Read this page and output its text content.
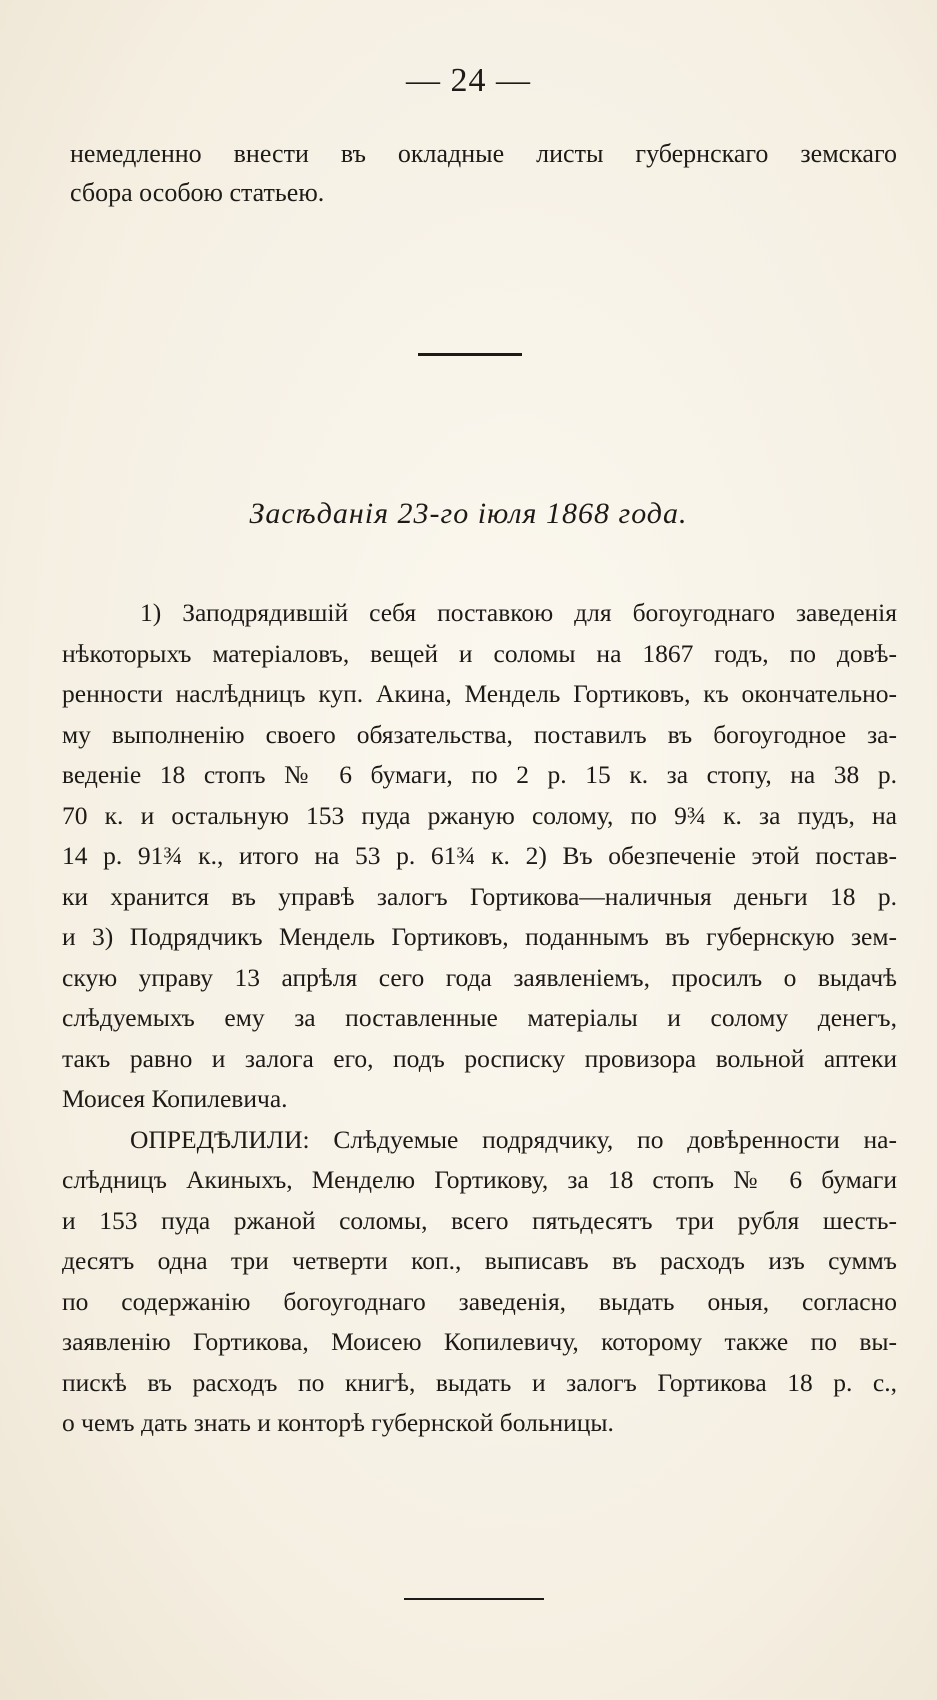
— 24 —
немедленно внести въ окладные листы губернскаго земскаго
сбора особою статьею.
Засѣданія 23-го іюля 1868 года.
1) Заподрядившій себя поставкою для богоугоднаго заведенія
нѣкоторыхъ матеріаловъ, вещей и соломы на 1867 годъ, по довѣ-
ренности наслѣдницъ куп. Акина, Мендель Гортиковъ, къ окончательно-
му выполненію своего обязательства, поставилъ въ богоугодное за-
веденіе 18 стопъ № 6 бумаги, по 2 р. 15 к. за стопу, на 38 р.
70 к. и остальную 153 пуда ржаную солому, по 9¾ к. за пудъ, на
14 р. 91¾ к., итого на 53 р. 61¾ к. 2) Въ обезпеченіе этой постав-
ки хранится въ управѣ залогъ Гортикова—наличныя деньги 18 р.
и 3) Подрядчикъ Мендель Гортиковъ, поданнымъ въ губернскую зем-
скую управу 13 апрѣля сего года заявленіемъ, просилъ о выдачѣ
слѣдуемыхъ ему за поставленные матеріалы и солому денегъ,
такъ равно и залога его, подъ росписку провизора вольной аптеки
Моисея Копилевича.
ОПРЕДѢЛИЛИ: Слѣдуемые подрядчику, по довѣренности на-
слѣдницъ Акиныхъ, Менделю Гортикову, за 18 стопъ № 6 бумаги
и 153 пуда ржаной соломы, всего пятьдесятъ три рубля шесть-
десятъ одна три четверти коп., выписавъ въ расходъ изъ суммъ
по содержанію богоугоднаго заведенія, выдать оныя, согласно
заявленію Гортикова, Моисею Копилевичу, которому также по вы-
пискѣ въ расходъ по книгѣ, выдать и залогъ Гортикова 18 р. с.,
о чемъ дать знать и конторѣ губернской больницы.
